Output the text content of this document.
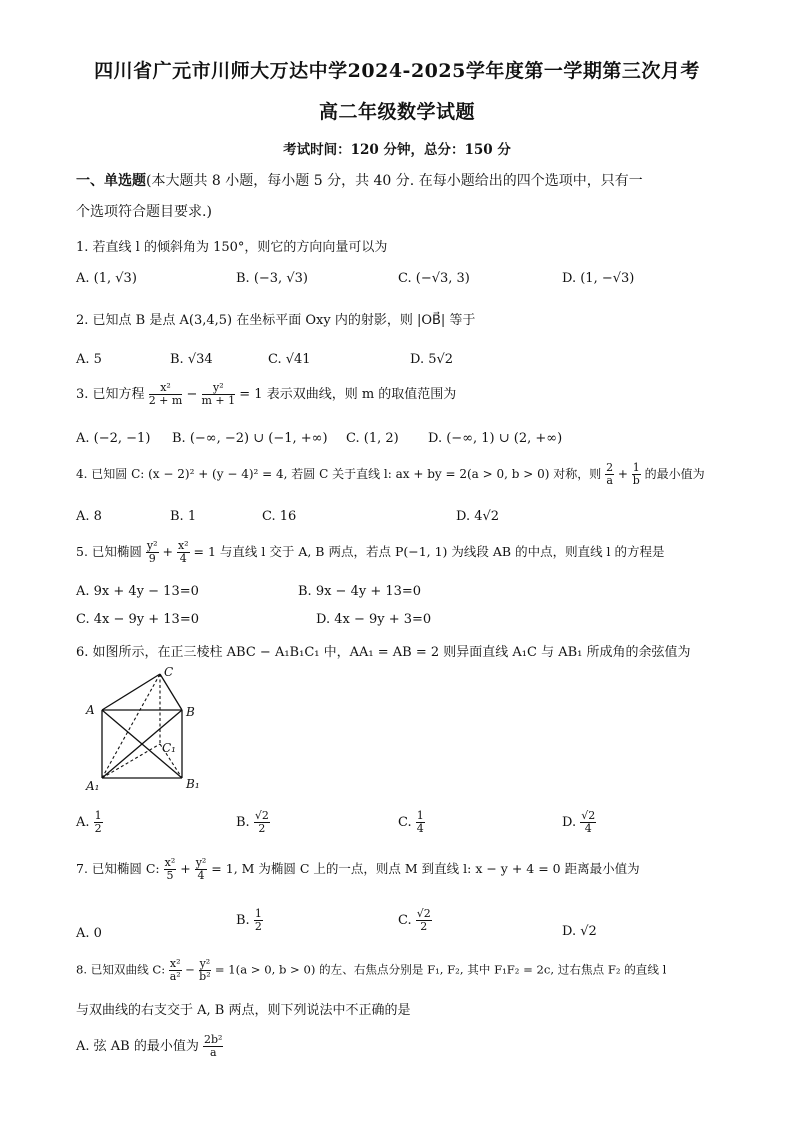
四川省广元市川师大万达中学2024-2025学年度第一学期第三次月考
高二年级数学试题
考试时间：120 分钟，总分：150 分
一、单选题(本大题共 8 小题，每小题 5 分，共 40 分. 在每小题给出的四个选项中，只有一
个选项符合题目要求.)
1. 若直线 l 的倾斜角为 150°，则它的方向向量可以为
A. (1, √3)	B. (−3, √3)	C. (−√3, 3)	D. (1, −√3)
2. 已知点 B 是点 A(3,4,5) 在坐标平面 Oxy 内的射影，则 |OB⃗| 等于
A. 5	B. √34	C. √41	D. 5√2
3. 已知方程 $\frac{\text{x²}}{2 + m} - \frac{\text{y²}}{m + 1} = 1$ 表示双曲线，则 m 的取值范围为
A. (−2, −1) B. (−∞, −2) ∪ (−1, +∞) C. (1, 2) D. (−∞, 1) ∪ (2, +∞)
4. 已知圆 C: (x − 2)² + (y − 4)² = 4, 若圆 C 关于直线 l: ax + by = 2(a > 0, b > 0) 对称，则 $\frac{2}{a} + \frac{1}{b}$ 的最小值为
A. 8	B. 1	C. 16	D. 4√2
5. 已知椭圆 $\frac{\text{y²}}{9} + \frac{\text{x²}}{4} = 1$ 与直线 l 交于 A, B 两点，若点 P(−1, 1) 为线段 AB 的中点，则直线 l 的方程是
A. 9x + 4y − 13=0	B. 9x − 4y + 13=0
C. 4x − 9y + 13=0	D. 4x − 9y + 3=0
6. 如图所示，在正三棱柱 ABC − A₁B₁C₁ 中，AA₁ = AB = 2 则异面直线 A₁C 与 AB₁ 所成角的余弦值为
C
A	B
C₁
A₁	B₁
A. $\frac{1}{2}$	B. $\frac{√2}{2}$	C. $\frac{1}{4}$	D. $\frac{√2}{4}$
7. 已知椭圆 C: $\frac{\text{x²}}{5} + \frac{\text{y²}}{4} = 1$, M 为椭圆 C 上的一点，则点 M 到直线 l: x − y + 4 = 0 距离最小值为
A. 0
B. $\frac{1}{2}$	C. $\frac{√2}{2}$	D. √2
8. 已知双曲线 C: $\frac{\text{x²}}{\text{a²}} - \frac{\text{y²}}{\text{b²}} = 1(a > 0$, b > 0) 的左、右焦点分别是 F₁, F₂, 其中 F₁F₂ = 2c, 过右焦点 F₂ 的直线 l
与双曲线的右支交于 A, B 两点，则下列说法中不正确的是
A. 弦 AB 的最小值为 $\frac{\text{2b²}}{a}$
